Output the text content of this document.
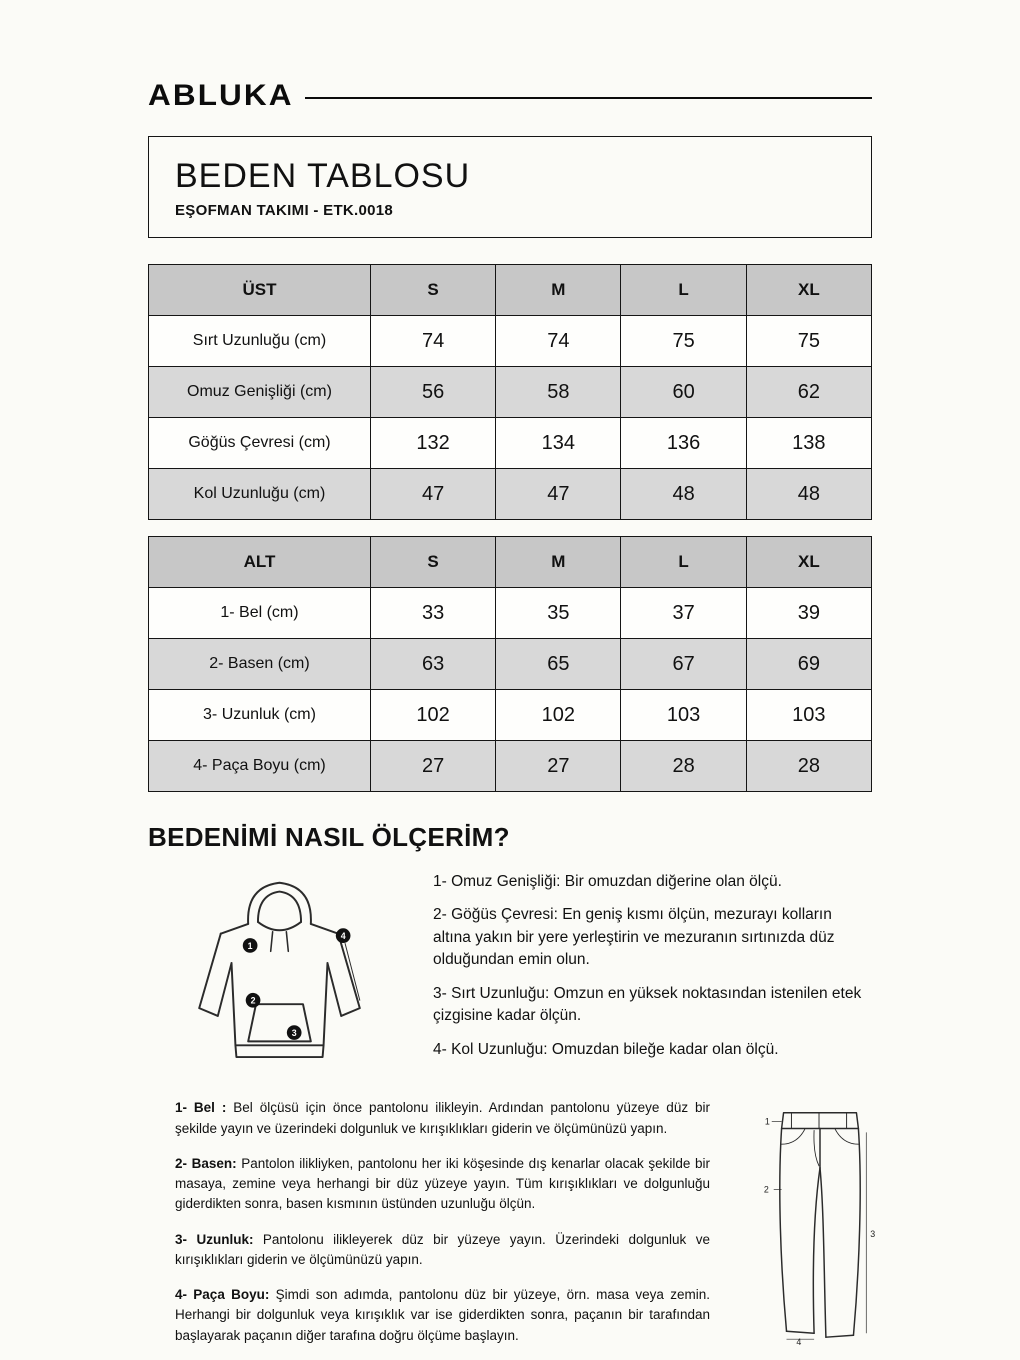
ABLUKA
BEDEN TABLOSU
EŞOFMAN TAKIMI - ETK.0018
ÜST	S	M	L	XL
Sırt Uzunluğu (cm)	74	74	75	75
Omuz Genişliği (cm)	56	58	60	62
Göğüs Çevresi (cm)	132	134	136	138
Kol Uzunluğu (cm)	47	47	48	48
ALT	S	M	L	XL
1- Bel (cm)	33	35	37	39
2- Basen (cm)	63	65	67	69
3- Uzunluk (cm)	102	102	103	103
4- Paça Boyu (cm)	27	27	28	28
BEDENİMİ NASIL ÖLÇERİM?
1
2
3
4

1- Omuz Genişliği: Bir omuzdan diğerine olan ölçü.

2- Göğüs Çevresi: En geniş kısmı ölçün, mezurayı kolların altına yakın bir yere yerleştirin ve mezuranın sırtınızda düz olduğundan emin olun.

3- Sırt Uzunluğu: Omzun en yüksek noktasından istenilen etek çizgisine kadar ölçün.

4- Kol Uzunluğu: Omuzdan bileğe kadar olan ölçü.

1- Bel : Bel ölçüsü için önce pantolonu ilikleyin. Ardından pantolonu yüzeye düz bir şekilde yayın ve üzerindeki dolgunluk ve kırışıklıkları giderin ve ölçümünüzü yapın.

2- Basen: Pantolon ilikliyken, pantolonu her iki köşesinde dış kenarlar olacak şekilde bir masaya, zemine veya herhangi bir düz yüzeye yayın. Tüm kırışıklıkları ve dolgunluğu giderdikten sonra, basen kısmının üstünden uzunluğu ölçün.

3- Uzunluk: Pantolonu ilikleyerek düz bir yüzeye yayın. Üzerindeki dolgunluk ve kırışıklıkları giderin ve ölçümünüzü yapın.

4- Paça Boyu: Şimdi son adımda, pantolonu düz bir yüzeye, örn. masa veya zemin. Herhangi bir dolgunluk veya kırışıklık var ise giderdikten sonra, paçanın bir tarafından başlayarak paçanın diğer tarafına doğru ölçüme başlayın.

1
2
3
4
